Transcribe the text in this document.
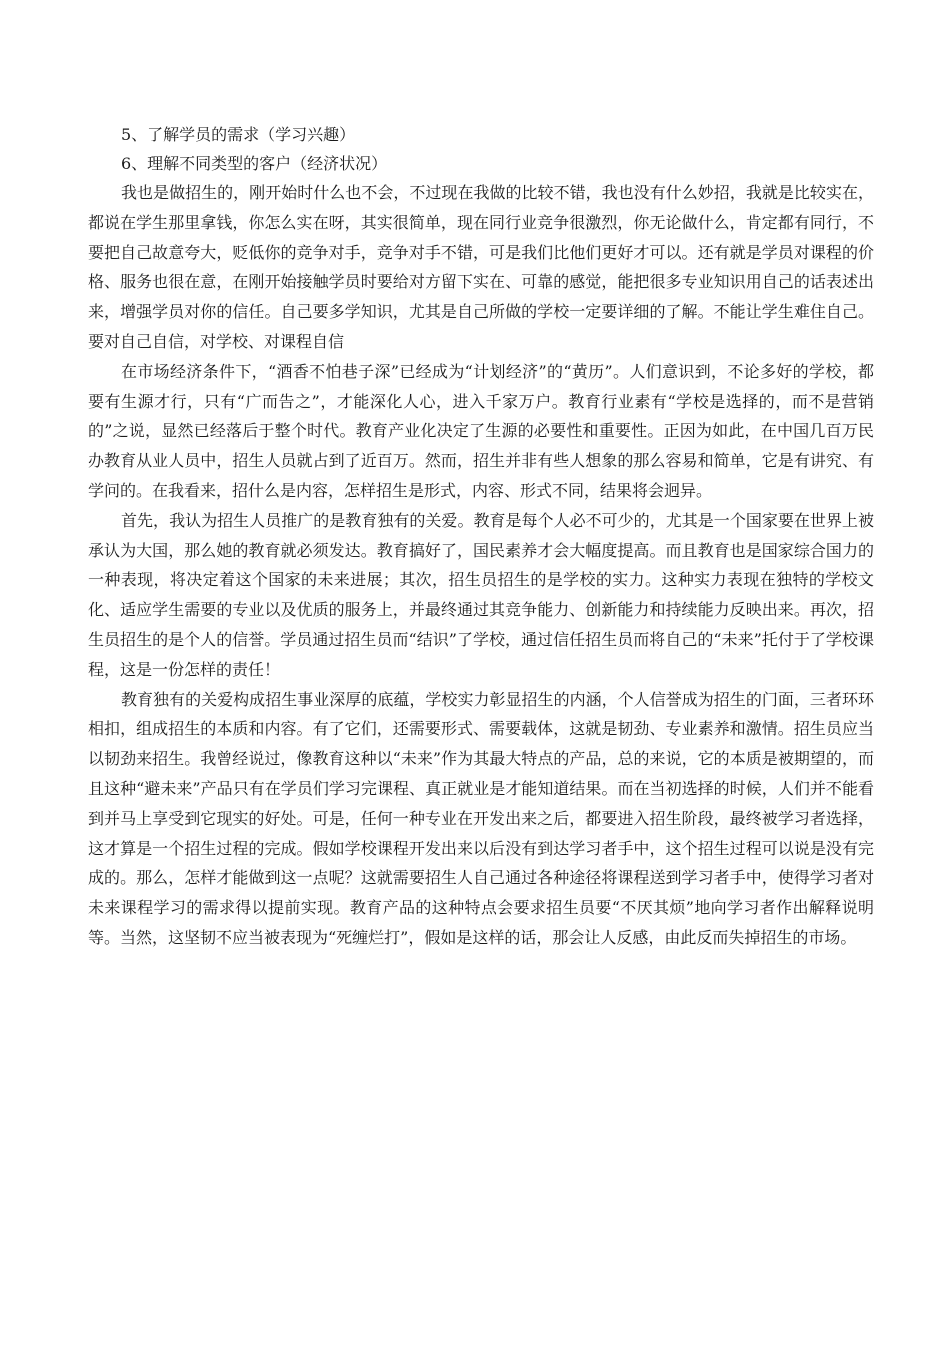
5、了解学员的需求（学习兴趣）

6、理解不同类型的客户（经济状况）

我也是做招生的，刚开始时什么也不会，不过现在我做的比较不错，我也没有什么妙招，我就是比较实在，都说在学生那里拿钱，你怎么实在呀，其实很简单，现在同行业竞争很激烈，你无论做什么，肯定都有同行，不要把自己故意夸大，贬低你的竞争对手，竞争对手不错，可是我们比他们更好才可以。还有就是学员对课程的价格、服务也很在意，在刚开始接触学员时要给对方留下实在、可靠的感觉，能把很多专业知识用自己的话表述出来，增强学员对你的信任。自己要多学知识，尤其是自己所做的学校一定要详细的了解。不能让学生难住自己。要对自己自信，对学校、对课程自信

在市场经济条件下，“酒香不怕巷子深”已经成为“计划经济”的“黄历”。人们意识到，不论多好的学校，都要有生源才行，只有“广而告之”，才能深化人心，进入千家万户。教育行业素有“学校是选择的，而不是营销的”之说，显然已经落后于整个时代。教育产业化决定了生源的必要性和重要性。正因为如此，在中国几百万民办教育从业人员中，招生人员就占到了近百万。然而，招生并非有些人想象的那么容易和简单，它是有讲究、有学问的。在我看来，招什么是内容，怎样招生是形式，内容、形式不同，结果将会迥异。

首先，我认为招生人员推广的是教育独有的关爱。教育是每个人必不可少的，尤其是一个国家要在世界上被承认为大国，那么她的教育就必须发达。教育搞好了，国民素养才会大幅度提高。而且教育也是国家综合国力的一种表现，将决定着这个国家的未来进展；其次，招生员招生的是学校的实力。这种实力表现在独特的学校文化、适应学生需要的专业以及优质的服务上，并最终通过其竞争能力、创新能力和持续能力反映出来。再次，招生员招生的是个人的信誉。学员通过招生员而“结识”了学校，通过信任招生员而将自己的“未来”托付于了学校课程，这是一份怎样的责任！

教育独有的关爱构成招生事业深厚的底蕴，学校实力彰显招生的内涵，个人信誉成为招生的门面，三者环环相扣，组成招生的本质和内容。有了它们，还需要形式、需要载体，这就是韧劲、专业素养和激情。招生员应当以韧劲来招生。我曾经说过，像教育这种以“未来”作为其最大特点的产品，总的来说，它的本质是被期望的，而且这种“避未来”产品只有在学员们学习完课程、真正就业是才能知道结果。而在当初选择的时候，人们并不能看到并马上享受到它现实的好处。可是，任何一种专业在开发出来之后，都要进入招生阶段，最终被学习者选择，这才算是一个招生过程的完成。假如学校课程开发出来以后没有到达学习者手中，这个招生过程可以说是没有完成的。那么，怎样才能做到这一点呢？这就需要招生人自己通过各种途径将课程送到学习者手中，使得学习者对未来课程学习的需求得以提前实现。教育产品的这种特点会要求招生员要“不厌其烦”地向学习者作出解释说明等。当然，这坚韧不应当被表现为“死缠烂打”，假如是这样的话，那会让人反感，由此反而失掉招生的市场。
